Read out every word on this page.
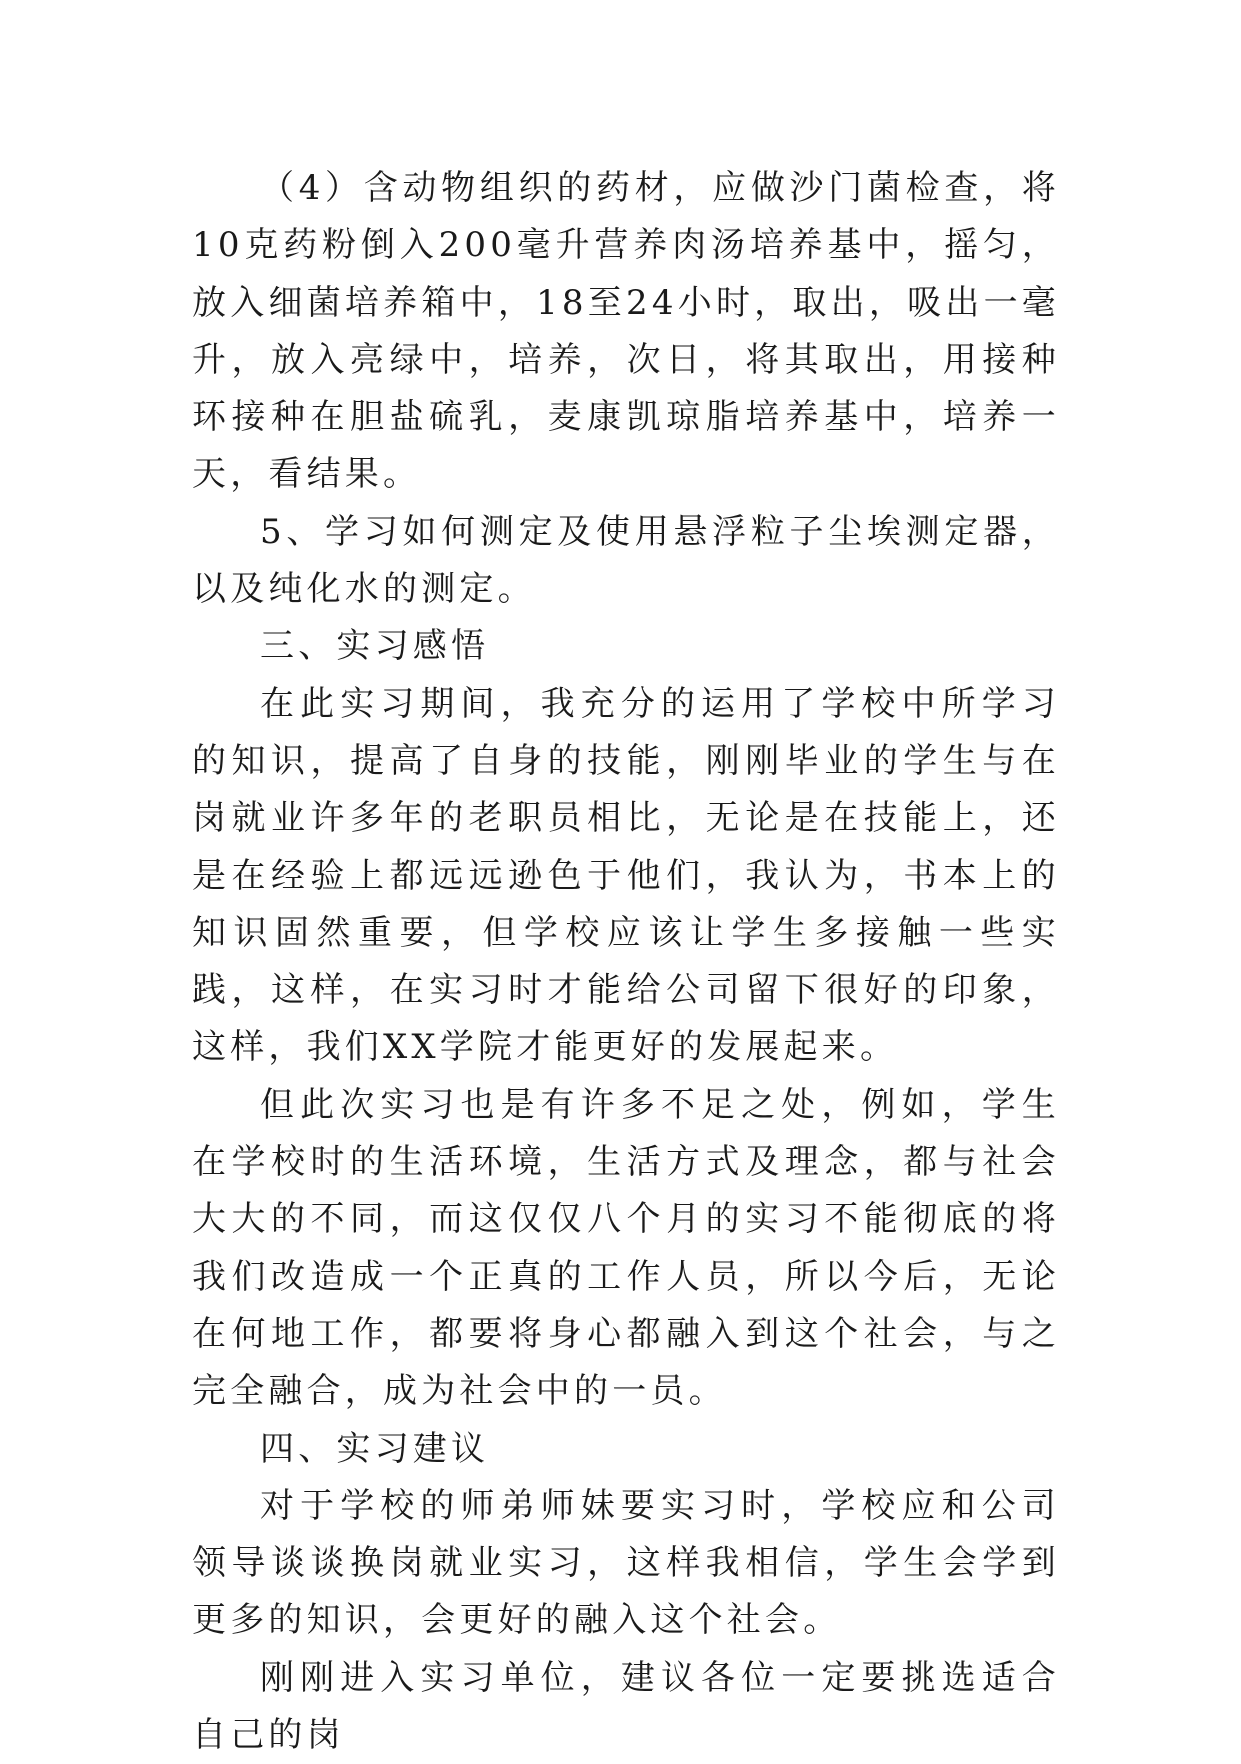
（4）含动物组织的药材，应做沙门菌检查，将10克药粉倒入200毫升营养肉汤培养基中，摇匀，放入细菌培养箱中，18至24小时，取出，吸出一毫升，放入亮绿中，培养，次日，将其取出，用接种环接种在胆盐硫乳，麦康凯琼脂培养基中，培养一天，看结果。

5、学习如何测定及使用悬浮粒子尘埃测定器，以及纯化水的测定。

三、实习感悟

在此实习期间，我充分的运用了学校中所学习的知识，提高了自身的技能，刚刚毕业的学生与在岗就业许多年的老职员相比，无论是在技能上，还是在经验上都远远逊色于他们，我认为，书本上的知识固然重要，但学校应该让学生多接触一些实践，这样，在实习时才能给公司留下很好的印象，这样，我们XX学院才能更好的发展起来。

但此次实习也是有许多不足之处，例如，学生在学校时的生活环境，生活方式及理念，都与社会大大的不同，而这仅仅八个月的实习不能彻底的将我们改造成一个正真的工作人员，所以今后，无论在何地工作，都要将身心都融入到这个社会，与之完全融合，成为社会中的一员。

四、实习建议

对于学校的师弟师妹要实习时，学校应和公司领导谈谈换岗就业实习，这样我相信，学生会学到更多的知识，会更好的融入这个社会。

刚刚进入实习单位，建议各位一定要挑选适合自己的岗
